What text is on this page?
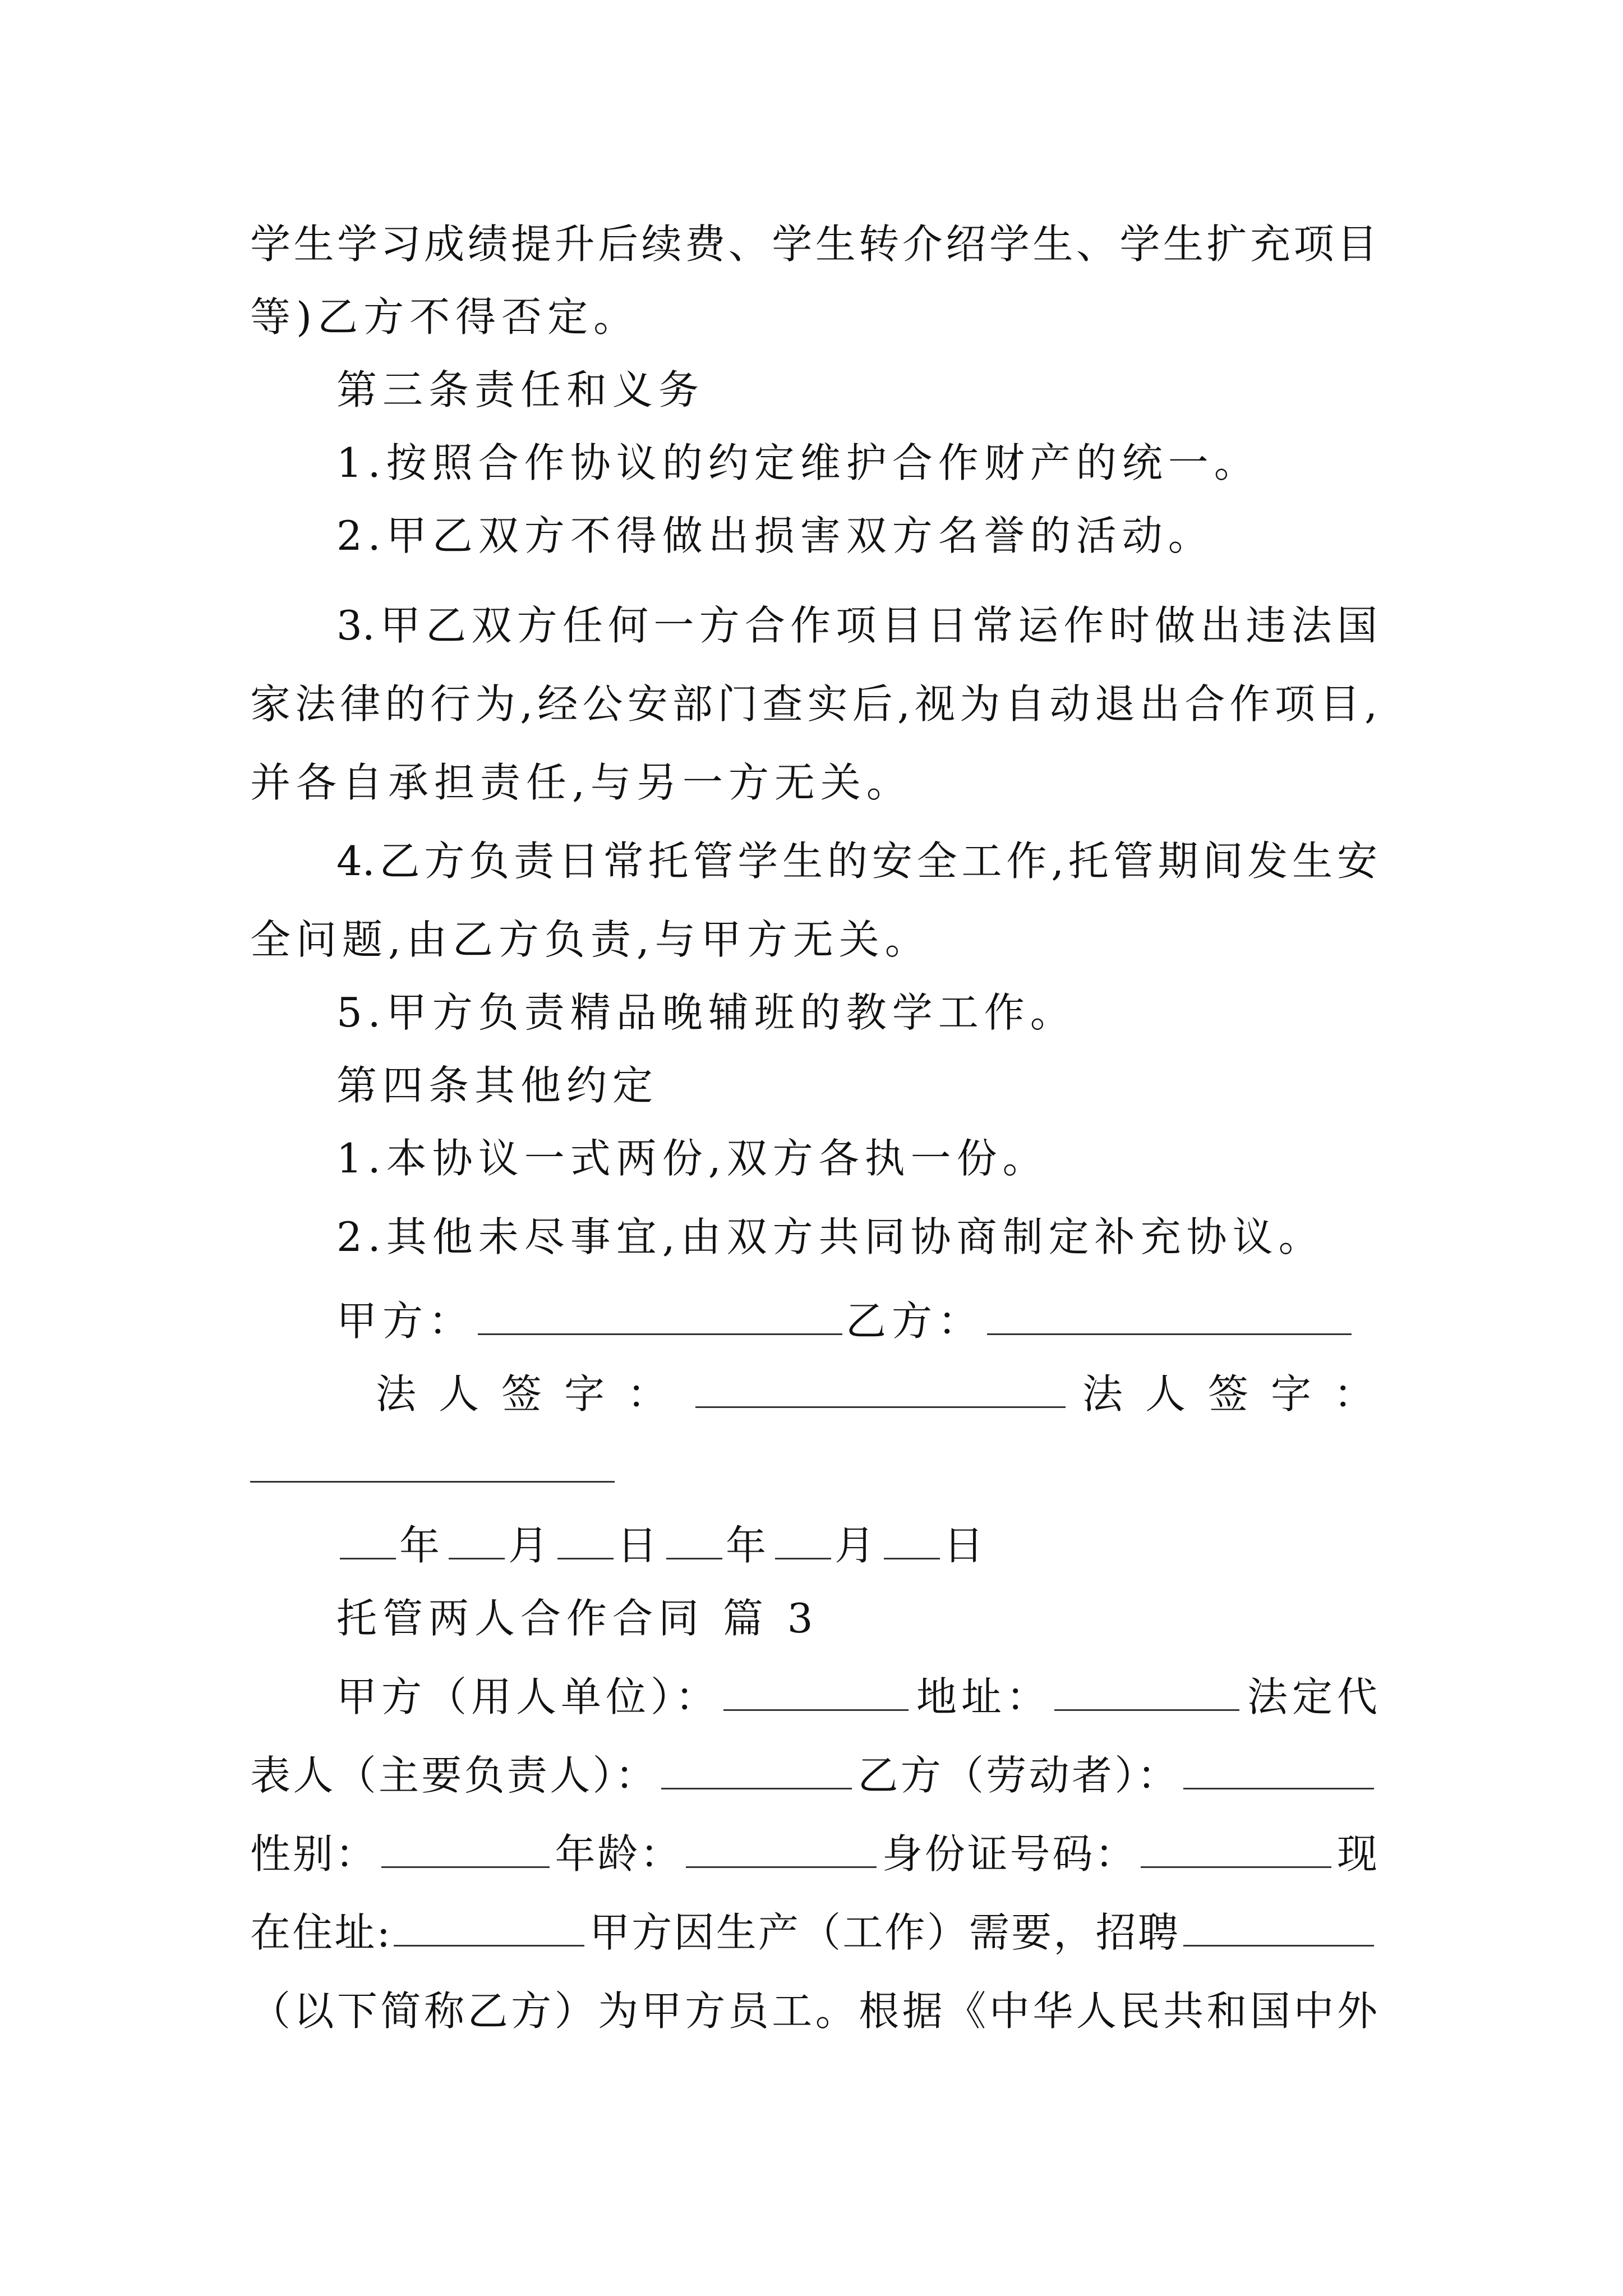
学生学习成绩提升后续费、学生转介绍学生、学生扩充项目
等)乙方不得否定。
第三条责任和义务
1.按照合作协议的约定维护合作财产的统一。
2.甲乙双方不得做出损害双方名誉的活动。
3.甲乙双方任何一方合作项目日常运作时做出违法国
家法律的行为,经公安部门查实后,视为自动退出合作项目,
并各自承担责任,与另一方无关。
4.乙方负责日常托管学生的安全工作,托管期间发生安
全问题,由乙方负责,与甲方无关。
5.甲方负责精品晚辅班的教学工作。
第四条其他约定
1.本协议一式两份,双方各执一份。
2.其他未尽事宜,由双方共同协商制定补充协议。
甲方：	乙方：
法人签字：	法人签字：
年 月 日 年 月 日
托管两人合作合同 篇 3
甲方（用人单位）：	地址：	法定代
表人（主要负责人）：	乙方（劳动者）：
性别：	年龄：	身份证号码：	现
在住址:	甲方因生产（工作）需要，招聘
（以下简称乙方）为甲方员工。根据《中华人民共和国中外
